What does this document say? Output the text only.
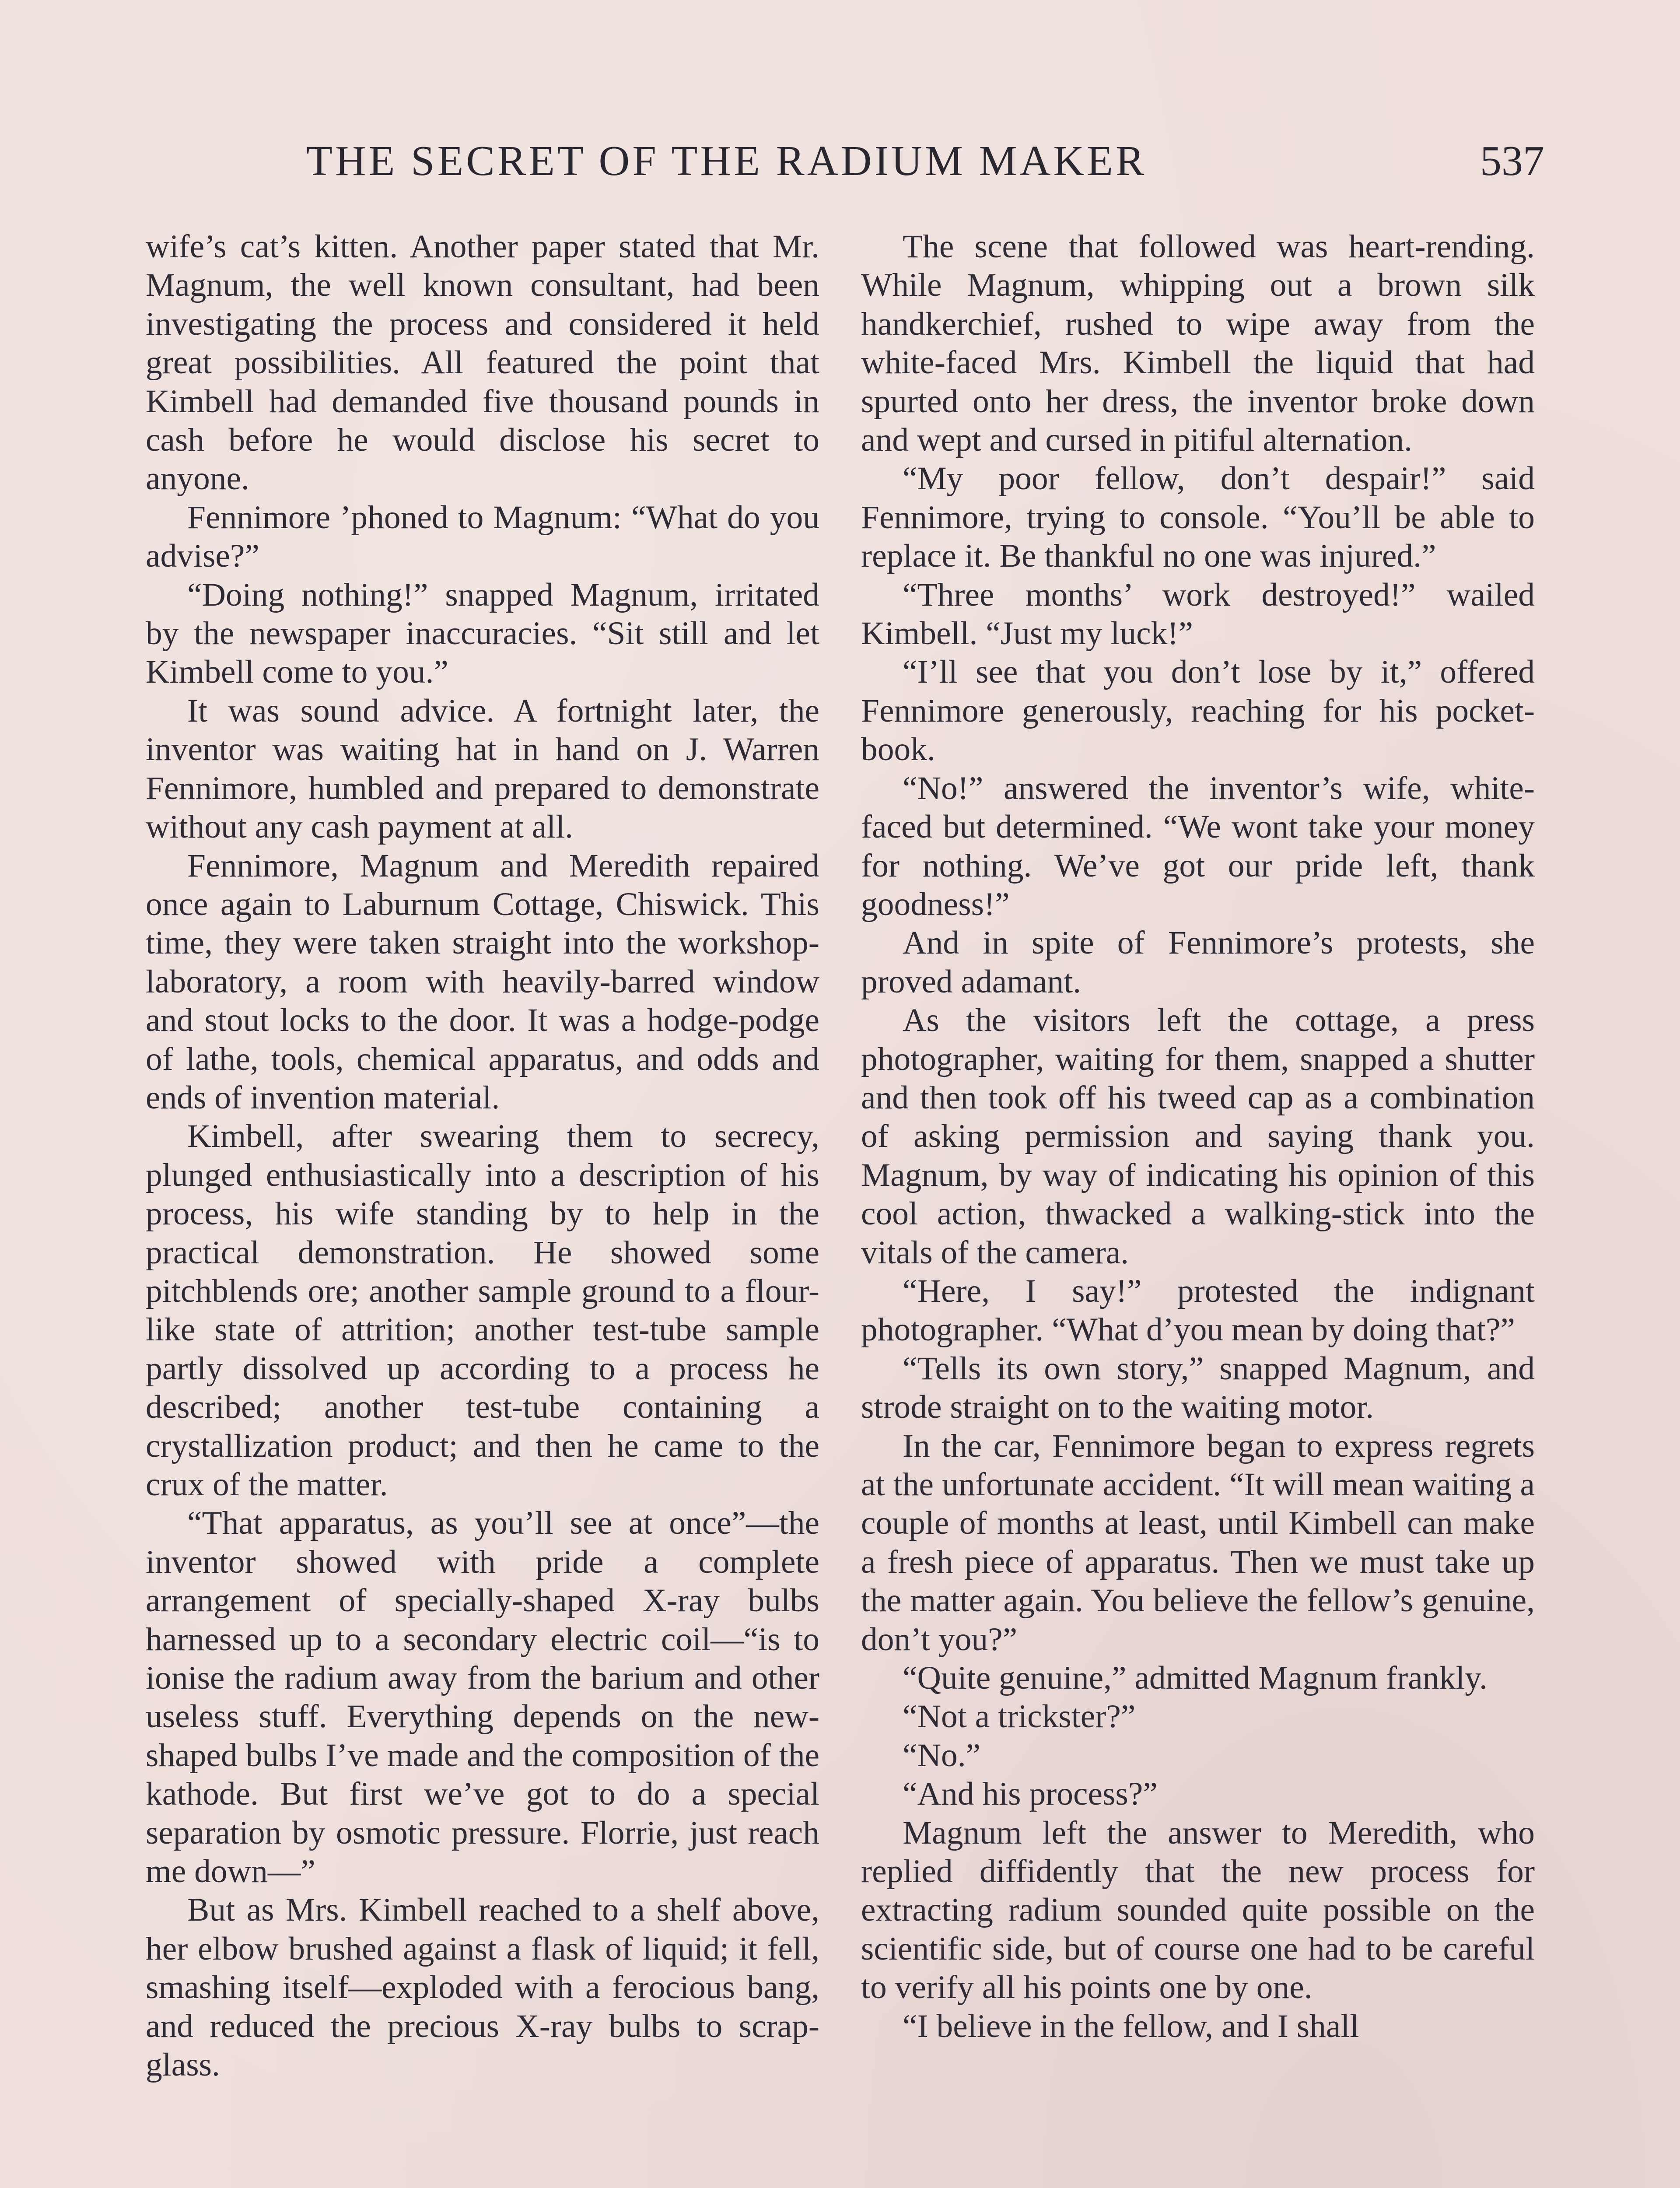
THE SECRET OF THE RADIUM MAKER	537

wife’s cat’s kitten. Another paper stated that Mr. Magnum, the well known consultant, had been investigating the process and considered it held great possibilities. All featured the point that Kimbell had demanded five thousand pounds in cash before he would disclose his secret to anyone.

Fennimore ’phoned to Magnum: “What do you advise?”

“Doing nothing!” snapped Magnum, irritated by the newspaper inaccuracies. “Sit still and let Kimbell come to you.”

It was sound advice. A fortnight later, the inventor was waiting hat in hand on J. Warren Fennimore, humbled and prepared to demonstrate without any cash payment at all.

Fennimore, Magnum and Meredith repaired once again to Laburnum Cottage, Chiswick. This time, they were taken straight into the workshop-laboratory, a room with heavily-barred window and stout locks to the door. It was a hodge-podge of lathe, tools, chemical apparatus, and odds and ends of invention material.

Kimbell, after swearing them to secrecy, plunged enthusiastically into a description of his process, his wife standing by to help in the practical demonstration. He showed some pitchblends ore; another sample ground to a flour-like state of attrition; another test-tube sample partly dissolved up according to a process he described; another test-tube containing a crystallization product; and then he came to the crux of the matter.

“That apparatus, as you’ll see at once”—the inventor showed with pride a complete arrangement of specially-shaped X-ray bulbs harnessed up to a secondary electric coil—“is to ionise the radium away from the barium and other useless stuff. Everything depends on the new-shaped bulbs I’ve made and the composition of the kathode. But first we’ve got to do a special separation by osmotic pressure. Florrie, just reach me down—”

But as Mrs. Kimbell reached to a shelf above, her elbow brushed against a flask of liquid; it fell, smashing itself—exploded with a ferocious bang, and reduced the precious X-ray bulbs to scrap-glass.

The scene that followed was heart-rending. While Magnum, whipping out a brown silk handkerchief, rushed to wipe away from the white-faced Mrs. Kimbell the liquid that had spurted onto her dress, the inventor broke down and wept and cursed in pitiful alternation.

“My poor fellow, don’t despair!” said Fennimore, trying to console. “You’ll be able to replace it. Be thankful no one was injured.”

“Three months’ work destroyed!” wailed Kimbell. “Just my luck!”

“I’ll see that you don’t lose by it,” offered Fennimore generously, reaching for his pocket-book.

“No!” answered the inventor’s wife, white-faced but determined. “We wont take your money for nothing. We’ve got our pride left, thank goodness!”

And in spite of Fennimore’s protests, she proved adamant.

As the visitors left the cottage, a press photographer, waiting for them, snapped a shutter and then took off his tweed cap as a combination of asking permission and saying thank you. Magnum, by way of indicating his opinion of this cool action, thwacked a walking-stick into the vitals of the camera.

“Here, I say!” protested the indignant photographer. “What d’you mean by doing that?”

“Tells its own story,” snapped Magnum, and strode straight on to the waiting motor.

In the car, Fennimore began to express regrets at the unfortunate accident. “It will mean waiting a couple of months at least, until Kimbell can make a fresh piece of apparatus. Then we must take up the matter again. You believe the fellow’s genuine, don’t you?”

“Quite genuine,” admitted Magnum frankly.

“Not a trickster?”

“No.”

“And his process?”

Magnum left the answer to Meredith, who replied diffidently that the new process for extracting radium sounded quite possible on the scientific side, but of course one had to be careful to verify all his points one by one.

“I believe in the fellow, and I shall
